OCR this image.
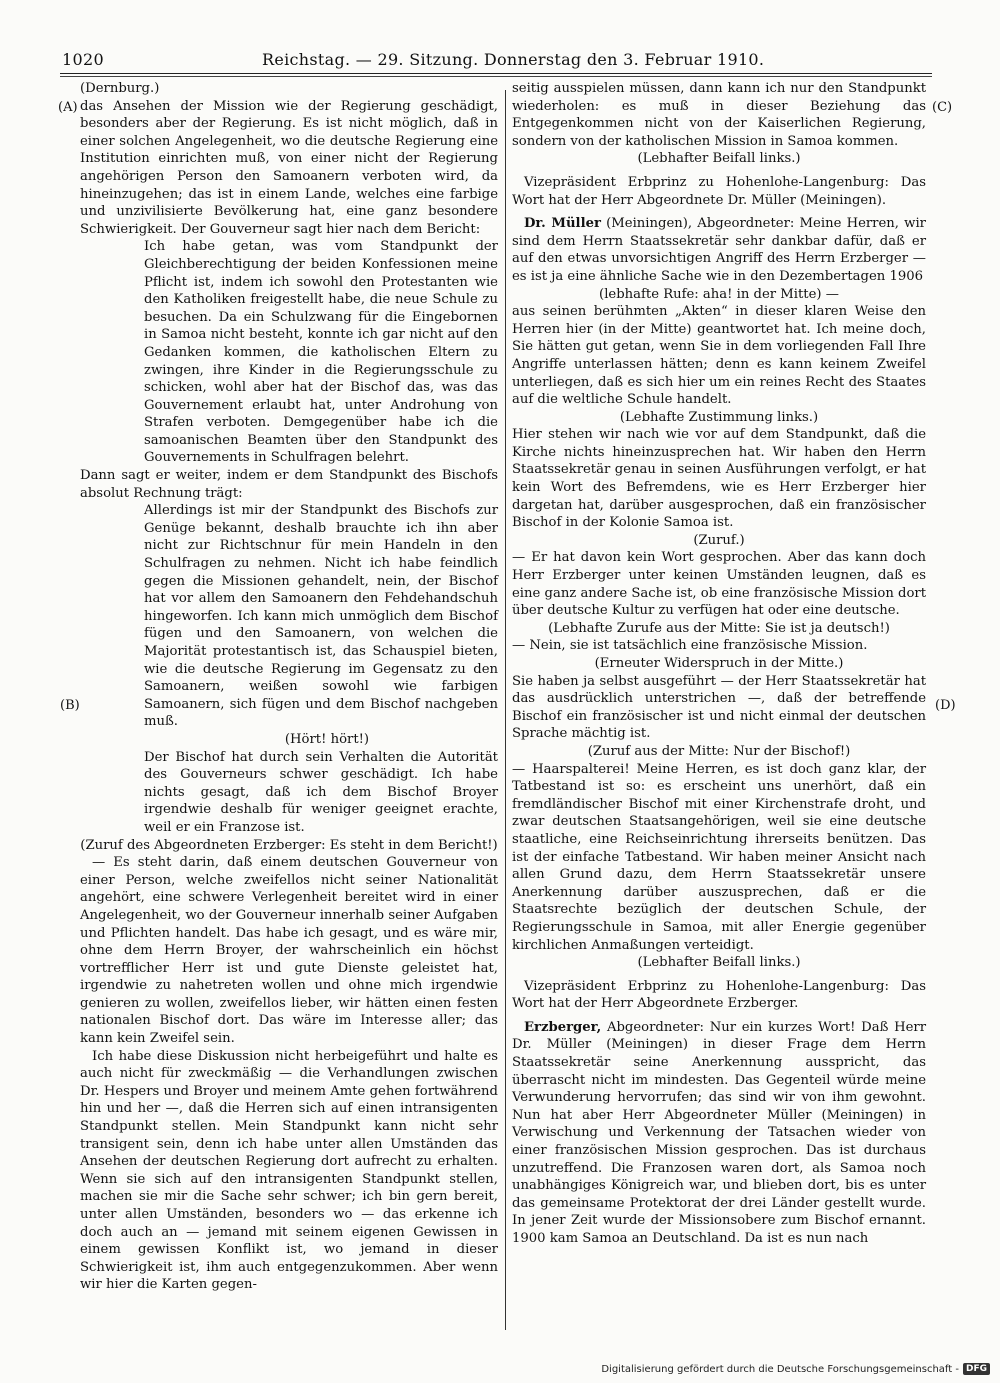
1020	Reichstag. — 29. Sitzung. Donnerstag den 3. Februar 1910.
(A)
(B)
(C)
(D)

(Dernburg.)

das Ansehen der Mission wie der Regierung geschädigt, besonders aber der Regierung. Es ist nicht möglich, daß in einer solchen Angelegenheit, wo die deutsche Regierung eine Institution einrichten muß, von einer nicht der Regierung angehörigen Person den Samoanern verboten wird, da hineinzugehen; das ist in einem Lande, welches eine farbige und unzivilisierte Bevölkerung hat, eine ganz besondere Schwierigkeit. Der Gouverneur sagt hier nach dem Bericht:

Ich habe getan, was vom Standpunkt der Gleichberechtigung der beiden Konfessionen meine Pflicht ist, indem ich sowohl den Protestanten wie den Katholiken freigestellt habe, die neue Schule zu besuchen. Da ein Schulzwang für die Eingebornen in Samoa nicht besteht, konnte ich gar nicht auf den Gedanken kommen, die katholischen Eltern zu zwingen, ihre Kinder in die Regierungsschule zu schicken, wohl aber hat der Bischof das, was das Gouvernement erlaubt hat, unter Androhung von Strafen verboten. Demgegenüber habe ich die samoanischen Beamten über den Standpunkt des Gouvernements in Schulfragen belehrt.

Dann sagt er weiter, indem er dem Standpunkt des Bischofs absolut Rechnung trägt:

Allerdings ist mir der Standpunkt des Bischofs zur Genüge bekannt, deshalb brauchte ich ihn aber nicht zur Richtschnur für mein Handeln in den Schulfragen zu nehmen. Nicht ich habe feindlich gegen die Missionen gehandelt, nein, der Bischof hat vor allem den Samoanern den Fehdehandschuh hingeworfen. Ich kann mich unmöglich dem Bischof fügen und den Samoanern, von welchen die Majorität protestantisch ist, das Schauspiel bieten, wie die deutsche Regierung im Gegensatz zu den Samoanern, weißen sowohl wie farbigen Samoanern, sich fügen und dem Bischof nachgeben muß.

(Hört! hört!)

Der Bischof hat durch sein Verhalten die Autorität des Gouverneurs schwer geschädigt. Ich habe nichts gesagt, daß ich dem Bischof Broyer irgendwie deshalb für weniger geeignet erachte, weil er ein Franzose ist.

(Zuruf des Abgeordneten Erzberger: Es steht in dem Bericht!)

— Es steht darin, daß einem deutschen Gouverneur von einer Person, welche zweifellos nicht seiner Nationalität angehört, eine schwere Verlegenheit bereitet wird in einer Angelegenheit, wo der Gouverneur innerhalb seiner Aufgaben und Pflichten handelt. Das habe ich gesagt, und es wäre mir, ohne dem Herrn Broyer, der wahrscheinlich ein höchst vortrefflicher Herr ist und gute Dienste geleistet hat, irgendwie zu nahetreten wollen und ohne mich irgendwie genieren zu wollen, zweifellos lieber, wir hätten einen festen nationalen Bischof dort. Das wäre im Interesse aller; das kann kein Zweifel sein.

Ich habe diese Diskussion nicht herbeigeführt und halte es auch nicht für zweckmäßig — die Verhandlungen zwischen Dr. Hespers und Broyer und meinem Amte gehen fortwährend hin und her —, daß die Herren sich auf einen intransigenten Standpunkt stellen. Mein Standpunkt kann nicht sehr transigent sein, denn ich habe unter allen Umständen das Ansehen der deutschen Regierung dort aufrecht zu erhalten. Wenn sie sich auf den intransigenten Standpunkt stellen, machen sie mir die Sache sehr schwer; ich bin gern bereit, unter allen Umständen, besonders wo — das erkenne ich doch auch an — jemand mit seinem eigenen Gewissen in einem gewissen Konflikt ist, wo jemand in dieser Schwierigkeit ist, ihm auch entgegenzukommen. Aber wenn wir hier die Karten gegen-

seitig ausspielen müssen, dann kann ich nur den Standpunkt wiederholen: es muß in dieser Beziehung das Entgegenkommen nicht von der Kaiserlichen Regierung, sondern von der katholischen Mission in Samoa kommen.

(Lebhafter Beifall links.)

Vizepräsident Erbprinz zu Hohenlohe-Langenburg: Das Wort hat der Herr Abgeordnete Dr. Müller (Meiningen).

Dr. Müller (Meiningen), Abgeordneter: Meine Herren, wir sind dem Herrn Staatssekretär sehr dankbar dafür, daß er auf den etwas unvorsichtigen Angriff des Herrn Erzberger — es ist ja eine ähnliche Sache wie in den Dezembertagen 1906

(lebhafte Rufe: aha! in der Mitte) —

aus seinen berühmten „Akten“ in dieser klaren Weise den Herren hier (in der Mitte) geantwortet hat. Ich meine doch, Sie hätten gut getan, wenn Sie in dem vorliegenden Fall Ihre Angriffe unterlassen hätten; denn es kann keinem Zweifel unterliegen, daß es sich hier um ein reines Recht des Staates auf die weltliche Schule handelt.

(Lebhafte Zustimmung links.)

Hier stehen wir nach wie vor auf dem Standpunkt, daß die Kirche nichts hineinzusprechen hat. Wir haben den Herrn Staatssekretär genau in seinen Ausführungen verfolgt, er hat kein Wort des Befremdens, wie es Herr Erzberger hier dargetan hat, darüber ausgesprochen, daß ein französischer Bischof in der Kolonie Samoa ist.

(Zuruf.)

— Er hat davon kein Wort gesprochen. Aber das kann doch Herr Erzberger unter keinen Umständen leugnen, daß es eine ganz andere Sache ist, ob eine französische Mission dort über deutsche Kultur zu verfügen hat oder eine deutsche.

(Lebhafte Zurufe aus der Mitte: Sie ist ja deutsch!)

— Nein, sie ist tatsächlich eine französische Mission.

(Erneuter Widerspruch in der Mitte.)

Sie haben ja selbst ausgeführt — der Herr Staatssekretär hat das ausdrücklich unterstrichen —, daß der betreffende Bischof ein französischer ist und nicht einmal der deutschen Sprache mächtig ist.

(Zuruf aus der Mitte: Nur der Bischof!)

— Haarspalterei! Meine Herren, es ist doch ganz klar, der Tatbestand ist so: es erscheint uns unerhört, daß ein fremdländischer Bischof mit einer Kirchenstrafe droht, und zwar deutschen Staatsangehörigen, weil sie eine deutsche staatliche, eine Reichseinrichtung ihrerseits benützen. Das ist der einfache Tatbestand. Wir haben meiner Ansicht nach allen Grund dazu, dem Herrn Staatssekretär unsere Anerkennung darüber auszusprechen, daß er die Staatsrechte bezüglich der deutschen Schule, der Regierungsschule in Samoa, mit aller Energie gegenüber kirchlichen Anmaßungen verteidigt.

(Lebhafter Beifall links.)

Vizepräsident Erbprinz zu Hohenlohe-Langenburg: Das Wort hat der Herr Abgeordnete Erzberger.

Erzberger, Abgeordneter: Nur ein kurzes Wort! Daß Herr Dr. Müller (Meiningen) in dieser Frage dem Herrn Staatssekretär seine Anerkennung ausspricht, das überrascht nicht im mindesten. Das Gegenteil würde meine Verwunderung hervorrufen; das sind wir von ihm gewohnt. Nun hat aber Herr Abgeordneter Müller (Meiningen) in Verwischung und Verkennung der Tatsachen wieder von einer französischen Mission gesprochen. Das ist durchaus unzutreffend. Die Franzosen waren dort, als Samoa noch unabhängiges Königreich war, und blieben dort, bis es unter das gemeinsame Protektorat der drei Länder gestellt wurde. In jener Zeit wurde der Missionsobere zum Bischof ernannt. 1900 kam Samoa an Deutschland. Da ist es nun nach

Digitalisierung gefördert durch die Deutsche Forschungsgemeinschaft - DFG
